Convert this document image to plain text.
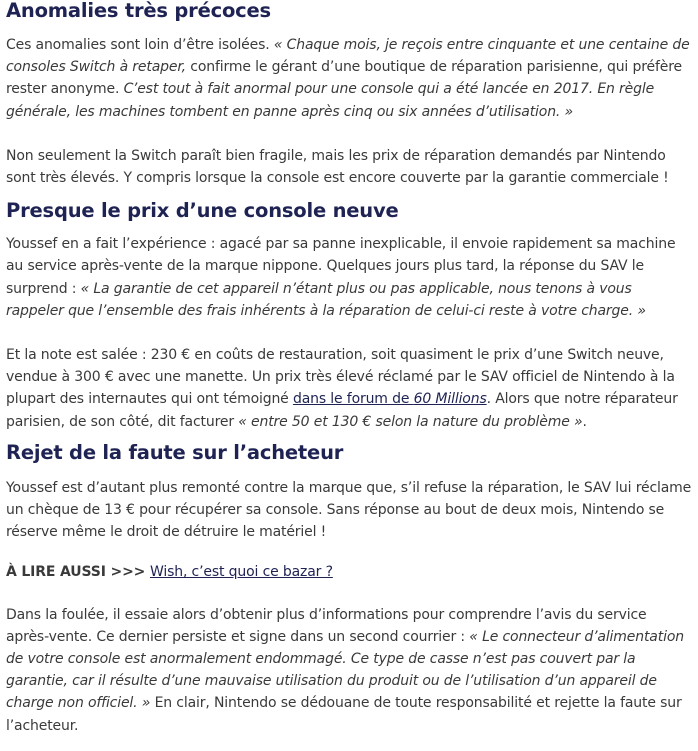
Anomalies très précoces

Ces anomalies sont loin d’être isolées. « Chaque mois, je reçois entre cinquante et une centaine de consoles Switch à retaper, confirme le gérant d’une boutique de réparation parisienne, qui préfère rester anonyme. C’est tout à fait anormal pour une console qui a été lancée en 2017. En règle générale, les machines tombent en panne après cinq ou six années d’utilisation. »

Non seulement la Switch paraît bien fragile, mais les prix de réparation demandés par Nintendo sont très élevés. Y compris lorsque la console est encore couverte par la garantie commerciale !

Presque le prix d’une console neuve

Youssef en a fait l’expérience : agacé par sa panne inexplicable, il envoie rapidement sa machine au service après-vente de la marque nippone. Quelques jours plus tard, la réponse du SAV le surprend : « La garantie de cet appareil n’étant plus ou pas applicable, nous tenons à vous rappeler que l’ensemble des frais inhérents à la réparation de celui-ci reste à votre charge. »

Et la note est salée : 230 € en coûts de restauration, soit quasiment le prix d’une Switch neuve, vendue à 300 € avec une manette. Un prix très élevé réclamé par le SAV officiel de Nintendo à la plupart des internautes qui ont témoigné dans le forum de 60 Millions. Alors que notre réparateur parisien, de son côté, dit facturer « entre 50 et 130 € selon la nature du problème ».

Rejet de la faute sur l’acheteur

Youssef est d’autant plus remonté contre la marque que, s’il refuse la réparation, le SAV lui réclame un chèque de 13 € pour récupérer sa console. Sans réponse au bout de deux mois, Nintendo se réserve même le droit de détruire le matériel !

À LIRE AUSSI >>> Wish, c’est quoi ce bazar ?

Dans la foulée, il essaie alors d’obtenir plus d’informations pour comprendre l’avis du service après-vente. Ce dernier persiste et signe dans un second courrier : « Le connecteur d’alimentation de votre console est anormalement endommagé. Ce type de casse n’est pas couvert par la garantie, car il résulte d’une mauvaise utilisation du produit ou de l’utilisation d’un appareil de charge non officiel. » En clair, Nintendo se dédouane de toute responsabilité et rejette la faute sur l’acheteur.
